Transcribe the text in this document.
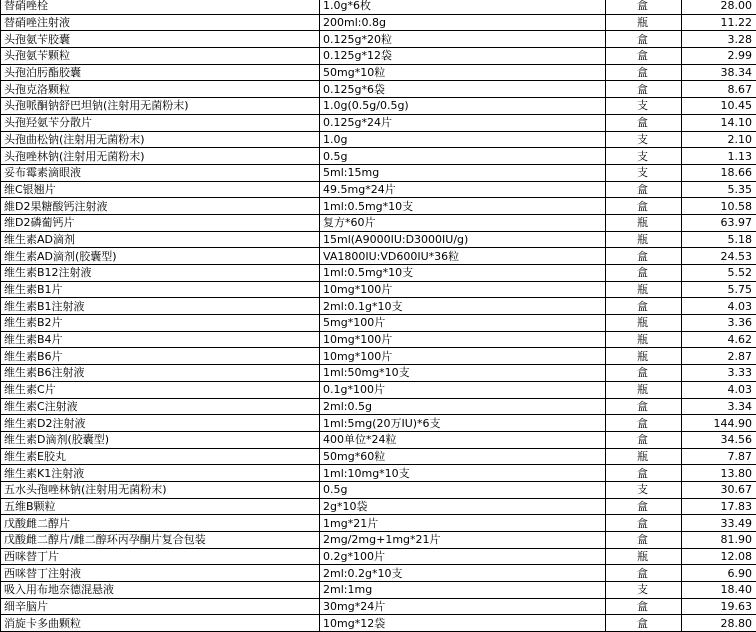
替硝唑栓	1.0g*6枚	盒	28.00
替硝唑注射液	200ml:0.8g	瓶	11.22
头孢氨苄胶囊	0.125g*20粒	盒	3.28
头孢氨苄颗粒	0.125g*12袋	盒	2.99
头孢泊肟酯胶囊	50mg*10粒	盒	38.34
头孢克洛颗粒	0.125g*6袋	盒	8.67
头孢哌酮钠舒巴坦钠(注射用无菌粉末)	1.0g(0.5g/0.5g)	支	10.45
头孢羟氨苄分散片	0.125g*24片	盒	14.10
头孢曲松钠(注射用无菌粉末)	1.0g	支	2.10
头孢唑林钠(注射用无菌粉末)	0.5g	支	1.13
妥布霉素滴眼液	5ml:15mg	支	18.66
维C银翘片	49.5mg*24片	盒	5.35
維D2果糖酸钙注射液	1ml:0.5mg*10支	盒	10.58
维D2磷葡钙片	复方*60片	瓶	63.97
维生素AD滴剂	15ml(A9000IU:D3000IU/g)	瓶	5.18
维生素AD滴剂(胶囊型)	VA1800IU:VD600IU*36粒	盒	24.53
维生素B12注射液	1ml:0.5mg*10支	盒	5.52
维生素B1片	10mg*100片	瓶	5.75
维生素B1注射液	2ml:0.1g*10支	盒	4.03
维生素B2片	5mg*100片	瓶	3.36
维生素B4片	10mg*100片	瓶	4.62
维生素B6片	10mg*100片	瓶	2.87
维生素B6注射液	1ml:50mg*10支	盒	3.33
维生素C片	0.1g*100片	瓶	4.03
维生素C注射液	2ml:0.5g	盒	3.34
维生素D2注射液	1ml:5mg(20万IU)*6支	盒	144.90
维生素D滴剂(胶囊型)	400单位*24粒	盒	34.56
维生素E胶丸	50mg*60粒	瓶	7.87
维生素K1注射液	1ml:10mg*10支	盒	13.80
五水头孢唑林钠(注射用无菌粉末)	0.5g	支	30.67
五维B颗粒	2g*10袋	盒	17.83
戊酸雌二醇片	1mg*21片	盒	33.49
戊酸雌二醇片/雌二醇环丙孕酮片复合包装	2mg/2mg+1mg*21片	盒	81.90
西咪替丁片	0.2g*100片	瓶	12.08
西咪替丁注射液	2ml:0.2g*10支	盒	6.90
吸入用布地奈德混悬液	2ml:1mg	支	18.40
细辛脑片	30mg*24片	盒	19.63
消旋卡多曲颗粒	10mg*12袋	盒	28.80
